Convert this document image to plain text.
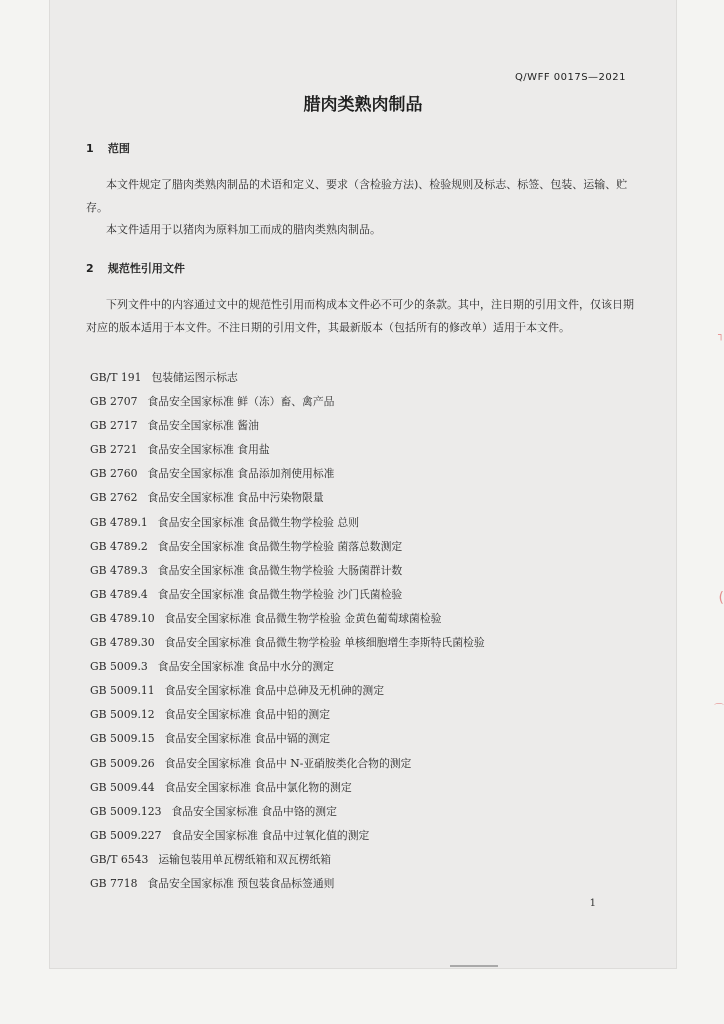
Q/WFF 0017S—2021
腊肉类熟肉制品
1 范围
本文件规定了腊肉类熟肉制品的术语和定义、要求（含检验方法)、检验规则及标志、标签、包装、运输、贮存。
本文件适用于以猪肉为原料加工而成的腊肉类熟肉制品。
2 规范性引用文件
下列文件中的内容通过文中的规范性引用而构成本文件必不可少的条款。其中，注日期的引用文件，仅该日期对应的版本适用于本文件。不注日期的引用文件，其最新版本（包括所有的修改单）适用于本文件。
GB/T 191 包装储运图示标志
GB 2707 食品安全国家标准 鲜（冻）畜、禽产品
GB 2717 食品安全国家标准 酱油
GB 2721 食品安全国家标准 食用盐
GB 2760 食品安全国家标准 食品添加剂使用标准
GB 2762 食品安全国家标准 食品中污染物限量
GB 4789.1 食品安全国家标准 食品微生物学检验 总则
GB 4789.2 食品安全国家标准 食品微生物学检验 菌落总数测定
GB 4789.3 食品安全国家标准 食品微生物学检验 大肠菌群计数
GB 4789.4 食品安全国家标准 食品微生物学检验 沙门氏菌检验
GB 4789.10 食品安全国家标准 食品微生物学检验 金黄色葡萄球菌检验
GB 4789.30 食品安全国家标准 食品微生物学检验 单核细胞增生李斯特氏菌检验
GB 5009.3 食品安全国家标准 食品中水分的测定
GB 5009.11 食品安全国家标准 食品中总砷及无机砷的测定
GB 5009.12 食品安全国家标准 食品中铅的测定
GB 5009.15 食品安全国家标准 食品中镉的测定
GB 5009.26 食品安全国家标准 食品中 N-亚硝胺类化合物的测定
GB 5009.44 食品安全国家标准 食品中氯化物的测定
GB 5009.123 食品安全国家标准 食品中铬的测定
GB 5009.227 食品安全国家标准 食品中过氧化值的测定
GB/T 6543 运输包装用单瓦楞纸箱和双瓦楞纸箱
GB 7718 食品安全国家标准 预包装食品标签通则
1
┐
(
⌒
